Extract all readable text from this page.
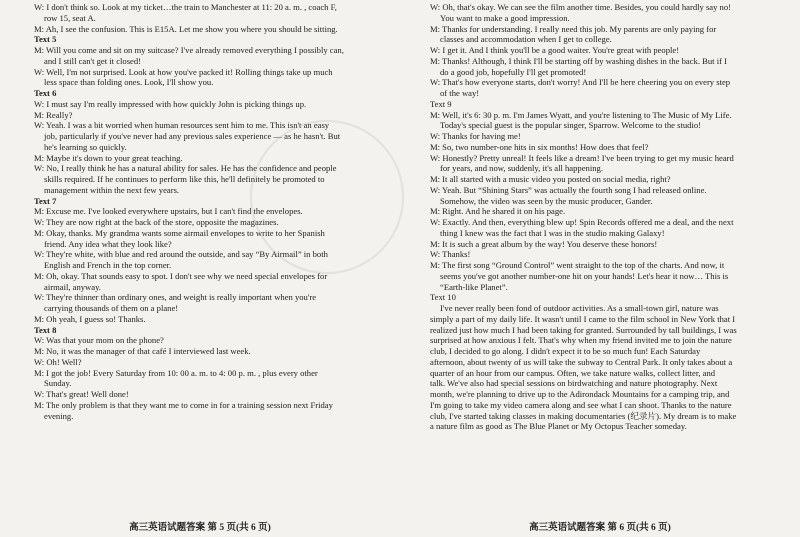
W: I don't think so. Look at my ticket…the train to Manchester at 11: 20 a. m. , coach F,
row 15, seat A.
M: Ah, I see the confusion. This is E15A. Let me show you where you should be sitting.
Text 5
M: Will you come and sit on my suitcase? I've already removed everything I possibly can,
and I still can't get it closed!
W: Well, I'm not surprised. Look at how you've packed it! Rolling things take up much
less space than folding ones. Look, I'll show you.
Text 6
W: I must say I'm really impressed with how quickly John is picking things up.
M: Really?
W: Yeah. I was a bit worried when human resources sent him to me. This isn't an easy
job, particularly if you've never had any previous sales experience — as he hasn't. But
he's learning so quickly.
M: Maybe it's down to your great teaching.
W: No, I really think he has a natural ability for sales. He has the confidence and people
skills required. If he continues to perform like this, he'll definitely be promoted to
management within the next few years.
Text 7
M: Excuse me. I've looked everywhere upstairs, but I can't find the envelopes.
W: They are now right at the back of the store, opposite the magazines.
M: Okay, thanks. My grandma wants some airmail envelopes to write to her Spanish
friend. Any idea what they look like?
W: They're white, with blue and red around the outside, and say “By Airmail” in both
English and French in the top corner.
M: Oh, okay. That sounds easy to spot. I don't see why we need special envelopes for
airmail, anyway.
W: They're thinner than ordinary ones, and weight is really important when you're
carrying thousands of them on a plane!
M: Oh yeah, I guess so! Thanks.
Text 8
W: Was that your mom on the phone?
M: No, it was the manager of that café I interviewed last week.
W: Oh! Well?
M: I got the job! Every Saturday from 10: 00 a. m. to 4: 00 p. m. , plus every other
Sunday.
W: That's great! Well done!
M: The only problem is that they want me to come in for a training session next Friday
evening.
高三英语试题答案 第 5 页(共 6 页)
W: Oh, that's okay. We can see the film another time. Besides, you could hardly say no!
You want to make a good impression.
M: Thanks for understanding. I really need this job. My parents are only paying for
classes and accommodation when I get to college.
W: I get it. And I think you'll be a good waiter. You're great with people!
M: Thanks! Although, I think I'll be starting off by washing dishes in the back. But if I
do a good job, hopefully I'll get promoted!
W: That's how everyone starts, don't worry! And I'll be here cheering you on every step
of the way!
Text 9
M: Well, it's 6: 30 p. m. I'm James Wyatt, and you're listening to The Music of My Life.
Today's special guest is the popular singer, Sparrow. Welcome to the studio!
W: Thanks for having me!
M: So, two number-one hits in six months! How does that feel?
W: Honestly? Pretty unreal! It feels like a dream! I've been trying to get my music heard
for years, and now, suddenly, it's all happening.
M: It all started with a music video you posted on social media, right?
W: Yeah. But “Shining Stars” was actually the fourth song I had released online.
Somehow, the video was seen by the music producer, Gander.
M: Right. And he shared it on his page.
W: Exactly. And then, everything blew up! Spin Records offered me a deal, and the next
thing I knew was the fact that I was in the studio making Galaxy!
M: It is such a great album by the way! You deserve these honors!
W: Thanks!
M: The first song “Ground Control” went straight to the top of the charts. And now, it
seems you've got another number-one hit on your hands! Let's hear it now… This is
“Earth-like Planet”.
Text 10
I've never really been fond of outdoor activities. As a small-town girl, nature was
simply a part of my daily life. It wasn't until I came to the film school in New York that I
realized just how much I had been taking for granted. Surrounded by tall buildings, I was
surprised at how anxious I felt. That's why when my friend invited me to join the nature
club, I decided to go along. I didn't expect it to be so much fun! Each Saturday
afternoon, about twenty of us will take the subway to Central Park. It only takes about a
quarter of an hour from our campus. Often, we take nature walks, collect litter, and
talk. We've also had special sessions on birdwatching and nature photography. Next
month, we're planning to drive up to the Adirondack Mountains for a camping trip, and
I'm going to take my video camera along and see what I can shoot. Thanks to the nature
club, I've started taking classes in making documentaries (纪录片). My dream is to make
a nature film as good as The Blue Planet or My Octopus Teacher someday.
高三英语试题答案 第 6 页(共 6 页)
